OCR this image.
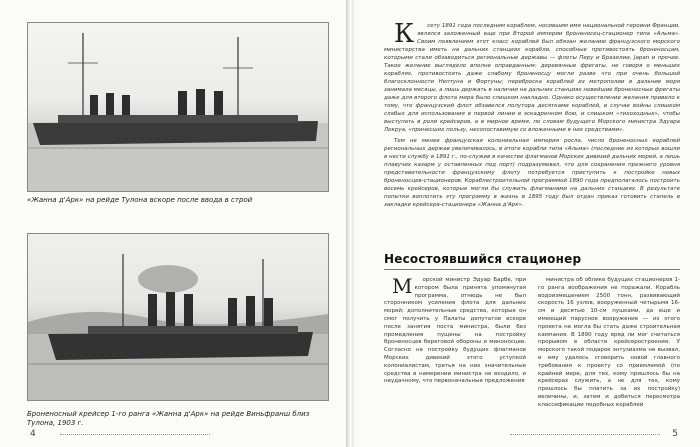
«Жанна д'Арк» на рейде Тулона вскоре после ввода в строй
Броненосный крейсер 1-го ранга «Жанна д'Арк» на рейде Виньфранш близ Тулона, 1903 г.
4

К сету 1891 года последним кораблем, носившим имя национальной героини Франции, являлся заложенный еще при Второй империи броненосец-стационер типа «Альма». Своим появлением этот класс кораблей был обязан желанию французского морского министерства иметь на дальних станциях корабли, способные противостоять броненосцам, которыми стали обзаводиться региональные державы — флоты Перу и Бразилии, Japan и прочие. Такое желание выглядело вполне оправданным: деревянные фрегаты, не говоря о меньших кораблях, противостоять даже слабому броненосцу могли разве что при очень большой благосклонности Нептуна и Фортуны; переброска кораблей из метрополии в дальние моря занимала месяцы, а лишь держать в наличии на дальних станциях новейшие броненосные фрегаты даже для второго флота мира было слишком накладно. Однако осуществление желания привело к тому, что французский флот обзавелся полутора десятками кораблей, в случае войны слишком слабых для использования в первой линии в эскадренном бою, и слишком «тихоходных», чтобы выступать в роли крейсеров, а в мирное время, по словам будущего Морского министра Эдуара Локруа, «принесших пользу, несопоставимую со вложенными в них средствами».

Тем не менее французская колониальная империя росла, число броненосных кораблей региональных держав увеличивалось, в итоге корабли типа «Альма» (последние из которых вошли в нести службу в 1891 г., по-служив в качестве флагманов Морских дивизий дальних морей, а лишь плавучих казарм у оставленных под порт) подразумевал, что для сохранения прежнего уровня представительности французскому флоту потребуется приступить к постройке новых броненосцев-стационеров. Кораблестроительной программой 1890 года предполагалось построить восемь крейсеров, которые могли бы служить флагманами на дальних станциях. В результате попытки воплотить эту программу в жизнь в 1895 году был отдан приказ готовить стапель в закладке крейсера-стационера «Жанна д'Арк».

Несостоявшийся стационер

М орской министр Эдуар Барбе, при котором была принята упомянутая программа, отнюдь не был сторонником усиления флота для дальних морей; дополнительные средства, которые он смог получить у Палаты депутатов вскоре после занятия поста министра, были без промедления пущены на постройку броненосцев береговой обороны и миноносцев. Согласно на постройку будущих флагманов Морских дивизий этого уступкой колониалистам, третья на них значительные средства в намерении министра не входило, и неудачному, что первоначальные предложения

министра об облике будущих стационеров 1-го ранга воображения не поражали. Корабль водоизмещением 2500 тонн, развивающий скорость 16 узлов, вооруженный четырьмя 16-см и десятью 10-см пушками, да еще и имеющий парусное вооружение — из этого проекта не могла бы стать даже строительная кампания. В 1890 году вряд ли мог считаться прорывом в области крейсеростроения. У морского такой подарок энтузиазма не вызвал, и ему удалось сговорить новой главного требования к проекту со приемлемой (по крайней мере, для тех, кому пришлось бы на крейсерах служить, а не для тех, кому пришлось бы платить за их постройку) величины, и, затем и добиться пересмотра классификации подобных кораблей

5
